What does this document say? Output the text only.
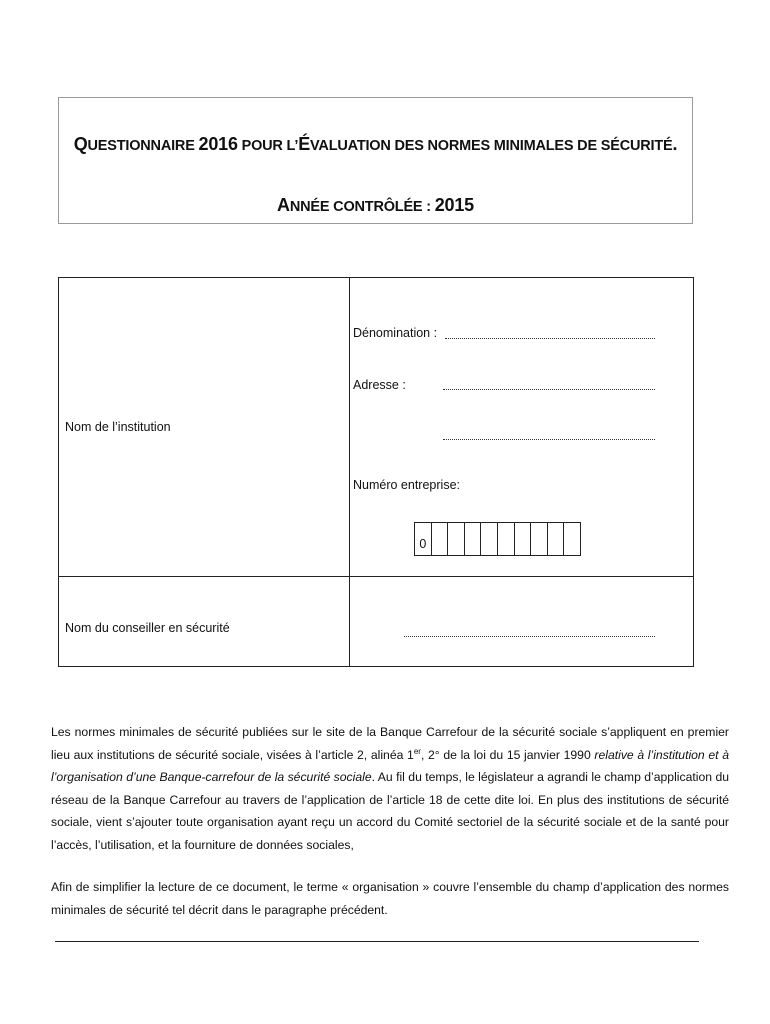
QUESTIONNAIRE 2016 POUR L’ÉVALUATION DES NORMES MINIMALES DE SÉCURITÉ.
ANNÉE CONTRÔLÉE : 2015
Nom de l’institution
Nom du conseiller en sécurité
Dénomination :
Adresse :
Numéro entreprise:
0

Les normes minimales de sécurité publiées sur le site de la Banque Carrefour de la sécurité sociale s’appliquent en premier lieu aux institutions de sécurité sociale, visées à l’article 2, alinéa 1er, 2° de la loi du 15 janvier 1990 relative à l’institution et à l’organisation d’une Banque-carrefour de la sécurité sociale. Au fil du temps, le législateur a agrandi le champ d’application du réseau de la Banque Carrefour au travers de l’application de l’article 18 de cette dite loi. En plus des institutions de sécurité sociale, vient s’ajouter toute organisation ayant reçu un accord du Comité sectoriel de la sécurité sociale et de la santé pour l’accès, l’utilisation, et la fourniture de données sociales,

Afin de simplifier la lecture de ce document, le terme « organisation » couvre l’ensemble du champ d’application des normes minimales de sécurité tel décrit dans le paragraphe précédent.
